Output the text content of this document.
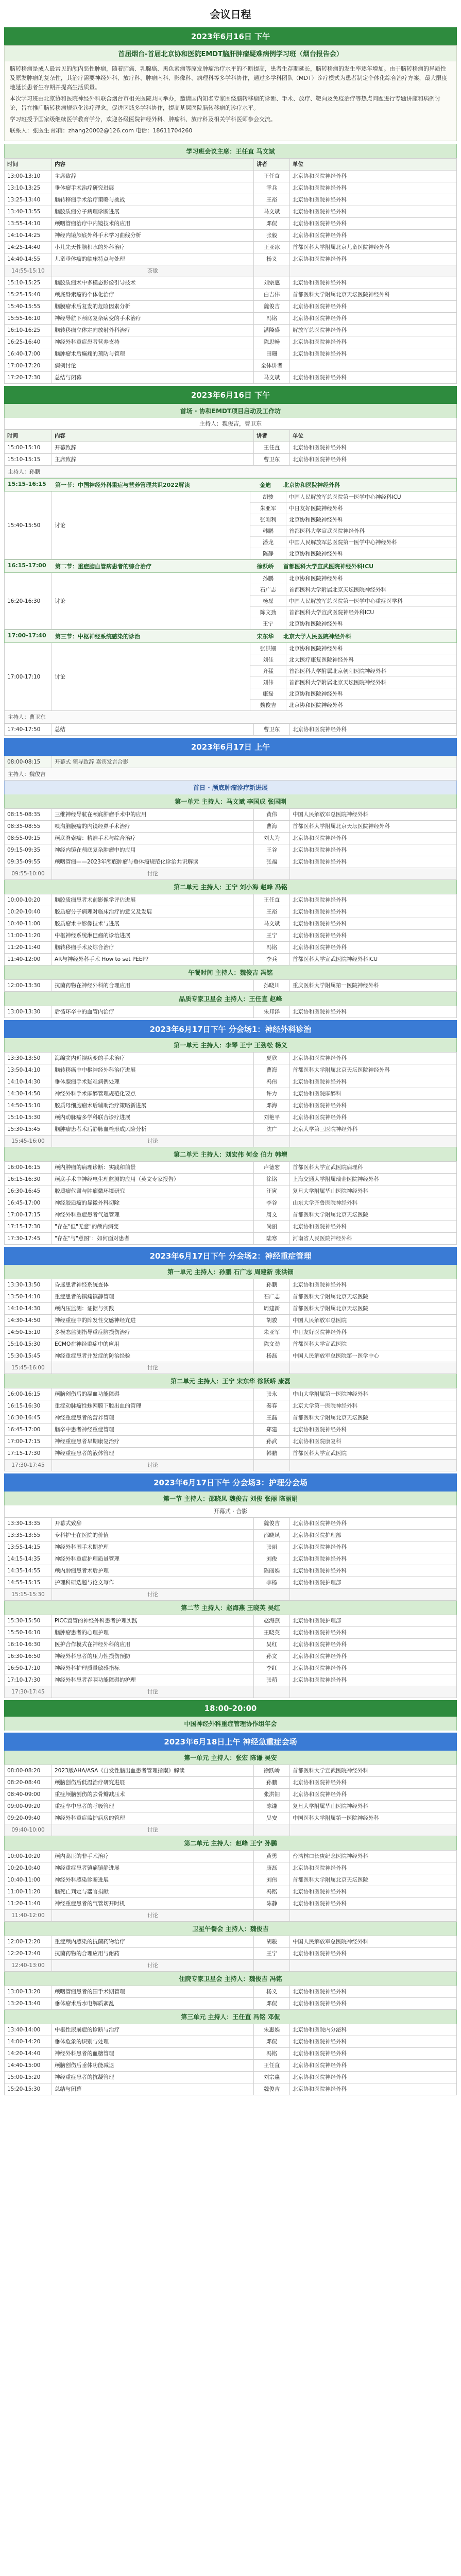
会议日程
2023年6月16日 下午
首届烟台-首届北京协和医院EMDT脑肝肿瘤疑难病例学习班（烟台报告会）

脑转移瘤是成人最常见的颅内恶性肿瘤，随着肺癌、乳腺癌、黑色素瘤等原发肿瘤治疗水平的不断提高，患者生存期延长，脑转移瘤的发生率逐年增加。由于脑转移瘤的异质性及原发肿瘤的复杂性，其治疗需要神经外科、放疗科、肿瘤内科、影像科、病理科等多学科协作，通过多学科团队（MDT）诊疗模式为患者制定个体化综合治疗方案，最大限度地延长患者生存期并提高生活质量。

本次学习班由北京协和医院神经外科联合烟台市相关医院共同举办，邀请国内知名专家围绕脑转移瘤的诊断、手术、放疗、靶向及免疫治疗等热点问题进行专题讲座和病例讨论，旨在推广脑转移瘤规范化诊疗理念，促进区域多学科协作，提高基层医院脑转移瘤的诊疗水平。

学习班授予国家级继续医学教育学分，欢迎各级医院神经外科、肿瘤科、放疗科及相关学科医师参会交流。

联系人：张医生 邮箱：zhang20002@126.com 电话：18611704260

学习班会议主席：王任直 马文斌
时间	内容	讲者	单位
13:00-13:10	主席致辞	王任直	北京协和医院神经外科
13:10-13:25	垂体瘤手术治疗研究进展	幸兵	北京协和医院神经外科
13:25-13:40	脑转移瘤手术治疗策略与挑战	王裕	北京协和医院神经外科
13:40-13:55	脑胶质瘤分子病理诊断进展	马文斌	北京协和医院神经外科
13:55-14:10	颅咽管瘤治疗中内镜技术的应用	邓侃	北京协和医院神经外科
14:10-14:25	神经内镜颅底外科手术学习曲线分析	张毅	北京协和医院神经外科
14:25-14:40	小儿先天性脑积水的外科治疗	王亚冰	首都医科大学附属北京儿童医院神经外科
14:40-14:55	儿童垂体瘤的临床特点与处理	杨义	北京协和医院神经外科
14:55-15:10	茶歇		
15:10-15:25	脑胶质瘤术中多模态影像引导技术	刘宗惠	北京协和医院神经外科
15:25-15:40	颅底脊索瘤的个体化治疗	白吉伟	首都医科大学附属北京天坛医院神经外科
15:40-15:55	脑膜瘤术后复发的危险因素分析	魏俊吉	北京协和医院神经外科
15:55-16:10	神经导航下颅底复杂病变的手术治疗	冯铭	北京协和医院神经外科
16:10-16:25	脑转移瘤立体定向放射外科治疗	潘隆盛	解放军总医院神经外科
16:25-16:40	神经外科重症患者营养支持	陈思畅	北京协和医院神经外科
16:40-17:00	脑肿瘤术后癫痫的预防与管理	田珊	北京协和医院神经外科
17:00-17:20	病例讨论	全体讲者	
17:20-17:30	总结与闭幕	马文斌	北京协和医院神经外科
2023年6月16日 下午
首场 · 协和EMDT项目启动及工作坊
主持人：魏俊吉，曹卫东
时间	内容	讲者	单位
15:00-15:10	开幕致辞	王任直	北京协和医院神经外科
15:10-15:15	主席致辞	曹卫东	北京协和医院神经外科
主持人：孙鹏
15:15-16:15	第一节：中国神经外科重症与营养管理共识2022解读	金迪	北京协和医院神经外科
15:40-15:50	讨论
胡骏	中国人民解放军总医院第一医学中心神经科ICU
朱亚军	中日友好医院神经外科
张刚利	北京协和医院神经外科
韩鹏	首都医科大学宣武医院神经外科
潘龙	中国人民解放军总医院第一医学中心神经外科
陈静	北京协和医院神经外科
16:15-17:00	第二节：重症脑血管病患者的综合治疗	徐跃峤	首都医科大学宣武医院神经外科ICU
16:20-16:30	讨论
孙鹏	北京协和医院神经外科
石广志	首都医科大学附属北京天坛医院神经外科
杨磊	中国人民解放军总医院第一医学中心重症医学科
陈文劲	首都医科大学宣武医院神经外科ICU
王宁	北京协和医院神经外科
17:00-17:40	第三节：中枢神经系统感染的诊治	宋东华	北京大学人民医院神经外科
17:00-17:10	讨论
张洪钿	北京协和医院神经外科
刘佳	北大医疗康复医院神经外科
齐猛	首都医科大学附属北京朝阳医院神经外科
刘伟	首都医科大学附属北京天坛医院神经外科
康磊	北京协和医院神经外科
魏俊吉	北京协和医院神经外科
主持人：曹卫东
17:40-17:50	总结	曹卫东	北京协和医院神经外科
2023年6月17日 上午
08:00-08:15	开幕式 领导致辞 嘉宾发言合影
主持人：魏俊吉
首日 · 颅底肿瘤诊疗新进展
第一单元 主持人：马文斌 李国成 张国刚
08:15-08:35	三维神经导航在颅底肿瘤手术中的应用	黄伟	中国人民解放军总医院神经外科
08:35-08:55	嗅沟脑膜瘤的内镜经鼻手术治疗	曹海	首都医科大学附属北京天坛医院神经外科
08:55-09:15	颅底脊索瘤：精准手术与综合治疗	刘大为	北京协和医院神经外科
09:15-09:35	神经内镜在颅底复杂肿瘤中的应用	王谷	北京协和医院神经外科
09:35-09:55	颅咽管瘤——2023年颅底肿瘤与垂体瘤规范化诊治共识解读	张福	北京协和医院神经外科
09:55-10:00	讨论		
第二单元 主持人：王宁 刘小海 赵峰 冯铭
10:00-10:20	脑胶质瘤患者术前影像学评估进展	王任直	北京协和医院神经外科
10:20-10:40	胶质瘤分子病理对临床治疗的意义及发展	王裕	北京协和医院神经外科
10:40-11:00	胶质瘤术中影像技术与进展	马文斌	北京协和医院神经外科
11:00-11:20	中枢神经系统淋巴瘤的诊治进展	王宁	北京协和医院神经外科
11:20-11:40	脑转移瘤手术及综合治疗	冯铭	北京协和医院神经外科
11:40-12:00	AR与神经外科手术 How to set PEEP?	李兵	首都医科大学宣武医院神经外科ICU
午餐时间 主持人：魏俊吉 冯铭
12:00-13:30	抗菌药物在神经外科的合理应用	孙晓川	重庆医科大学附属第一医院神经外科
品质专家卫星会 主持人：王任直 赵峰
13:00-13:30	后循环卒中的血管内治疗	朱邦泽	北京协和医院神经外科
2023年6月17日下午 分会场1：神经外科诊治
第一单元 主持人：李琴 王宁 王劲松 杨义
13:30-13:50	海绵窦内近视病变的手术治疗	夏欣	北京协和医院神经外科
13:50-14:10	脑转移癌中中枢神经外科治疗进展	曹海	首都医科大学附属北京天坛医院神经外科
14:10-14:30	垂体腺瘤手术疑难病例处理	冯伟	北京协和医院神经外科
14:30-14:50	神经外科手术麻醉管理规范化要点	许力	北京协和医院麻醉科
14:50-15:10	胶质母细胞瘤术后辅助治疗策略新进展	邓海	北京协和医院神经外科
15:10-15:30	颅内动脉瘤多学科联合诊疗进展	刘艳平	北京协和医院神经外科
15:30-15:45	脑肿瘤患者术后静脉血栓形成风险分析	沈广	北京大学第三医院神经外科
15:45-16:00	讨论		
第二单元 主持人：刘宏伟 何金 伯力 韩增
16:00-16:15	颅内肿瘤的病理诊断：实践和前景	卢德宏	首都医科大学宣武医院病理科
16:15-16:30	颅底手术中神经电生理监测的应用（英文专家报告）	徐铭	上海交通大学附属瑞金医院神经外科
16:30-16:45	胶质瘤代谢与肿瘤微环境研究	汪寅	复旦大学附属华山医院神经外科
16:45-17:00	神经胶质瘤的显微外科切除	李谷	山东大学齐鲁医院神经外科
17:00-17:15	神经外科重症患者气道管理	周文	首都医科大学附属北京天坛医院
17:15-17:30	"存在"但"无意"的颅内病变	尚丽	北京协和医院神经外科
17:30-17:45	"存在"与"意图"：如何面对患者	陆寒	河南省人民医院神经外科
2023年6月17日下午 分会场2：神经重症管理
第一单元 主持人：孙鹏 石广志 周建新 张洪钿
13:30-13:50	昏迷患者神经系统查体	孙鹏	北京协和医院神经外科
13:50-14:10	重症患者的镇痛镇静管理	石广志	首都医科大学附属北京天坛医院
14:10-14:30	颅内压监测：证据与实践	周建新	首都医科大学附属北京天坛医院
14:30-14:50	神经重症中的阵发性交感神经亢进	胡骏	中国人民解放军总医院
14:50-15:10	多模态监测指导重症脑损伤治疗	朱亚军	中日友好医院神经外科
15:10-15:30	ECMO在神经重症中的应用	陈文劲	首都医科大学宣武医院
15:30-15:45	神经重症患者并发症的防治经验	杨磊	中国人民解放军总医院第一医学中心
15:45-16:00	讨论		
第二单元 主持人：王宁 宋东华 徐跃峤 康磊
16:00-16:15	颅脑创伤后的凝血功能障碍	张永	中山大学附属第一医院神经外科
16:15-16:30	重症动脉瘤性蛛网膜下腔出血的管理	秦春	北京大学第一医院神经外科
16:30-16:45	神经重症患者的营养管理	王磊	首都医科大学附属北京天坛医院
16:45-17:00	脑卒中患者神经重症管理	郑建	北京协和医院神经外科
17:00-17:15	神经重症患者早期康复治疗	孙武	北京协和医院康复科
17:15-17:30	神经重症患者的液体管理	韩鹏	首都医科大学宣武医院
17:30-17:45	讨论		
2023年6月17日下午 分会场3：护理分会场
第一节 主持人：邵晓凤 魏俊吉 刘俊 张丽 陈丽娟
开幕式 · 合影
13:30-13:35	开幕式致辞	魏俊吉	北京协和医院神经外科
13:35-13:55	专科护士在医院的价值	邵晓凤	北京协和医院护理部
13:55-14:15	神经外科围手术期护理	张丽	北京协和医院神经外科
14:15-14:35	神经外科重症护理质量管理	刘俊	北京协和医院神经外科
14:35-14:55	颅内肿瘤患者术后护理	陈丽娟	北京协和医院神经外科
14:55-15:15	护理科研选题与论文写作	李杨	北京协和医院护理部
15:15-15:30	讨论		
第二节 主持人：赵海燕 王晓英 吴红
15:30-15:50	PICC置管的神经外科患者护理实践	赵海燕	北京协和医院护理部
15:50-16:10	脑肿瘤患者的心理护理	王晓英	北京协和医院神经外科
16:10-16:30	医护合作模式在神经外科的应用	吴红	北京协和医院神经外科
16:30-16:50	神经外科患者的压力性损伤预防	孙文	北京协和医院神经外科
16:50-17:10	神经外科护理质量敏感指标	李红	北京协和医院神经外科
17:10-17:30	神经外科患者吞咽功能障碍的护理	张萌	北京协和医院神经外科
17:30-17:45	讨论		
18:00-20:00
中国神经外科重症管理协作组年会
2023年6月18日上午 神经急重症会场
第一单元 主持人：张宏 陈谦 吴安
08:00-08:20	2023版AHA/ASA《自发性脑出血患者管理指南》解读	徐跃峤	首都医科大学宣武医院神经外科
08:20-08:40	颅脑创伤后低温治疗研究进展	孙鹏	北京协和医院神经外科
08:40-09:00	重症颅脑创伤的去骨瓣减压术	张洪钿	北京协和医院神经外科
09:00-09:20	重症卒中患者的呼吸管理	陈谦	复旦大学附属华山医院神经外科
09:20-09:40	神经外科重症监护病房的管理	吴安	中国医科大学附属第一医院神经外科
09:40-10:00	讨论		
第二单元 主持人：赵峰 王宁 孙鹏
10:00-10:20	颅内高压的非手术治疗	黄勇	台湾林口长庚纪念医院神经外科
10:20-10:40	神经重症患者镇痛镇静进展	康磊	北京协和医院神经外科
10:40-11:00	神经外科感染诊断进展	刘伟	首都医科大学附属北京天坛医院
11:00-11:20	脑死亡判定与器官捐献	冯铭	北京协和医院神经外科
11:20-11:40	神经重症患者的气管切开时机	陈静	北京协和医院神经外科
11:40-12:00	讨论		
卫星午餐会 主持人：魏俊吉
12:00-12:20	重症颅内感染的抗菌药物治疗	胡骏	中国人民解放军总医院神经外科
12:20-12:40	抗菌药物的合理应用与耐药	王宁	北京协和医院神经外科
12:40-13:00	讨论		
住院专家卫星会 主持人：魏俊吉 冯铭
13:00-13:20	颅咽管瘤患者的围手术期管理	杨义	北京协和医院神经外科
13:20-13:40	垂体瘤术后水电解质紊乱	邓侃	北京协和医院神经外科
第三单元 主持人：王任直 冯铭 邓侃
13:40-14:00	中枢性尿崩症的诊断与治疗	朱惠娟	北京协和医院内分泌科
14:00-14:20	垂体危象的识别与处理	邓侃	北京协和医院神经外科
14:20-14:40	神经外科患者的血糖管理	冯铭	北京协和医院神经外科
14:40-15:00	颅脑创伤后垂体功能减退	王任直	北京协和医院神经外科
15:00-15:20	神经重症患者的抗凝管理	刘宗惠	北京协和医院神经外科
15:20-15:30	总结与闭幕	魏俊吉	北京协和医院神经外科
